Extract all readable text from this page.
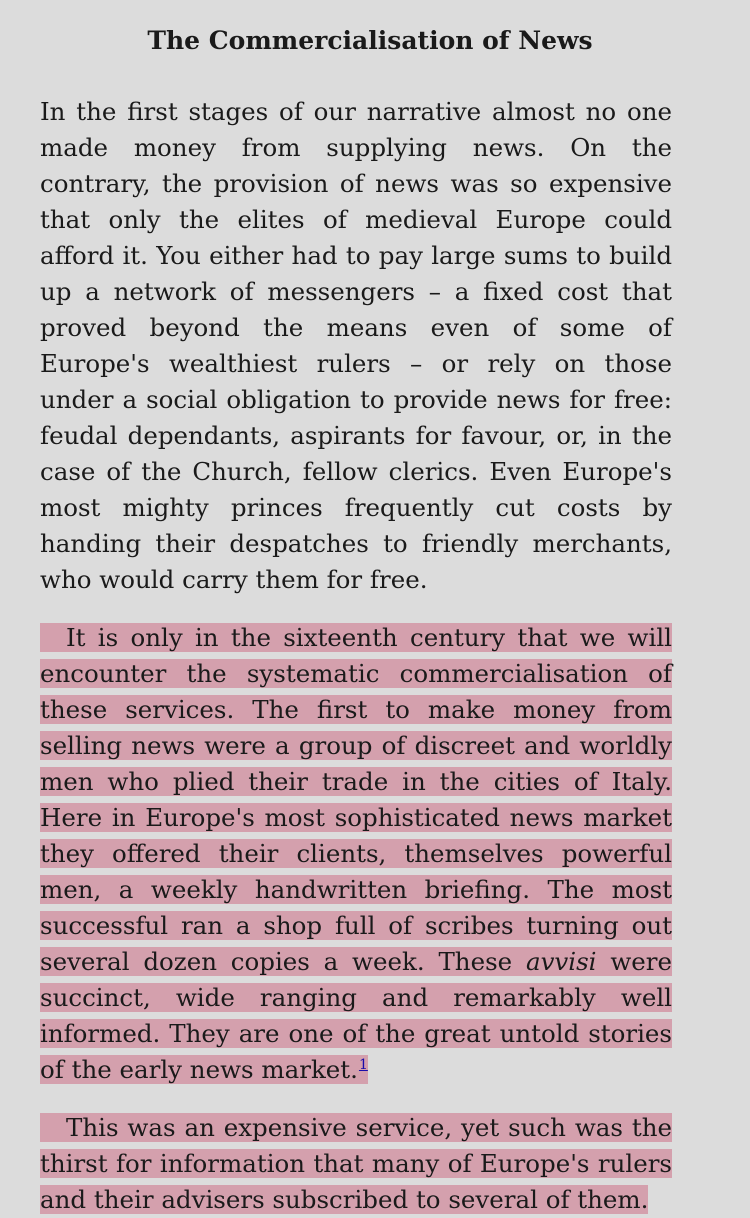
The Commercialisation of News

In the first stages of our narrative almost no one made money from supplying news. On the contrary, the provision of news was so expensive that only the elites of medieval Europe could afford it. You either had to pay large sums to build up a network of messengers – a fixed cost that proved beyond the means even of some of Europe's wealthiest rulers – or rely on those under a social obligation to provide news for free: feudal dependants, aspirants for favour, or, in the case of the Church, fellow clerics. Even Europe's most mighty princes frequently cut costs by handing their despatches to friendly merchants, who would carry them for free.

It is only in the sixteenth century that we will encounter the systematic commercialisation of these services. The first to make money from selling news were a group of discreet and worldly men who plied their trade in the cities of Italy. Here in Europe's most sophisticated news market they offered their clients, themselves powerful men, a weekly handwritten briefing. The most successful ran a shop full of scribes turning out several dozen copies a week. These avvisi were succinct, wide ranging and remarkably well informed. They are one of the great untold stories of the early news market.$^1$

This was an expensive service, yet such was the thirst for information that many of Europe's rulers and their advisers subscribed to several of them.
